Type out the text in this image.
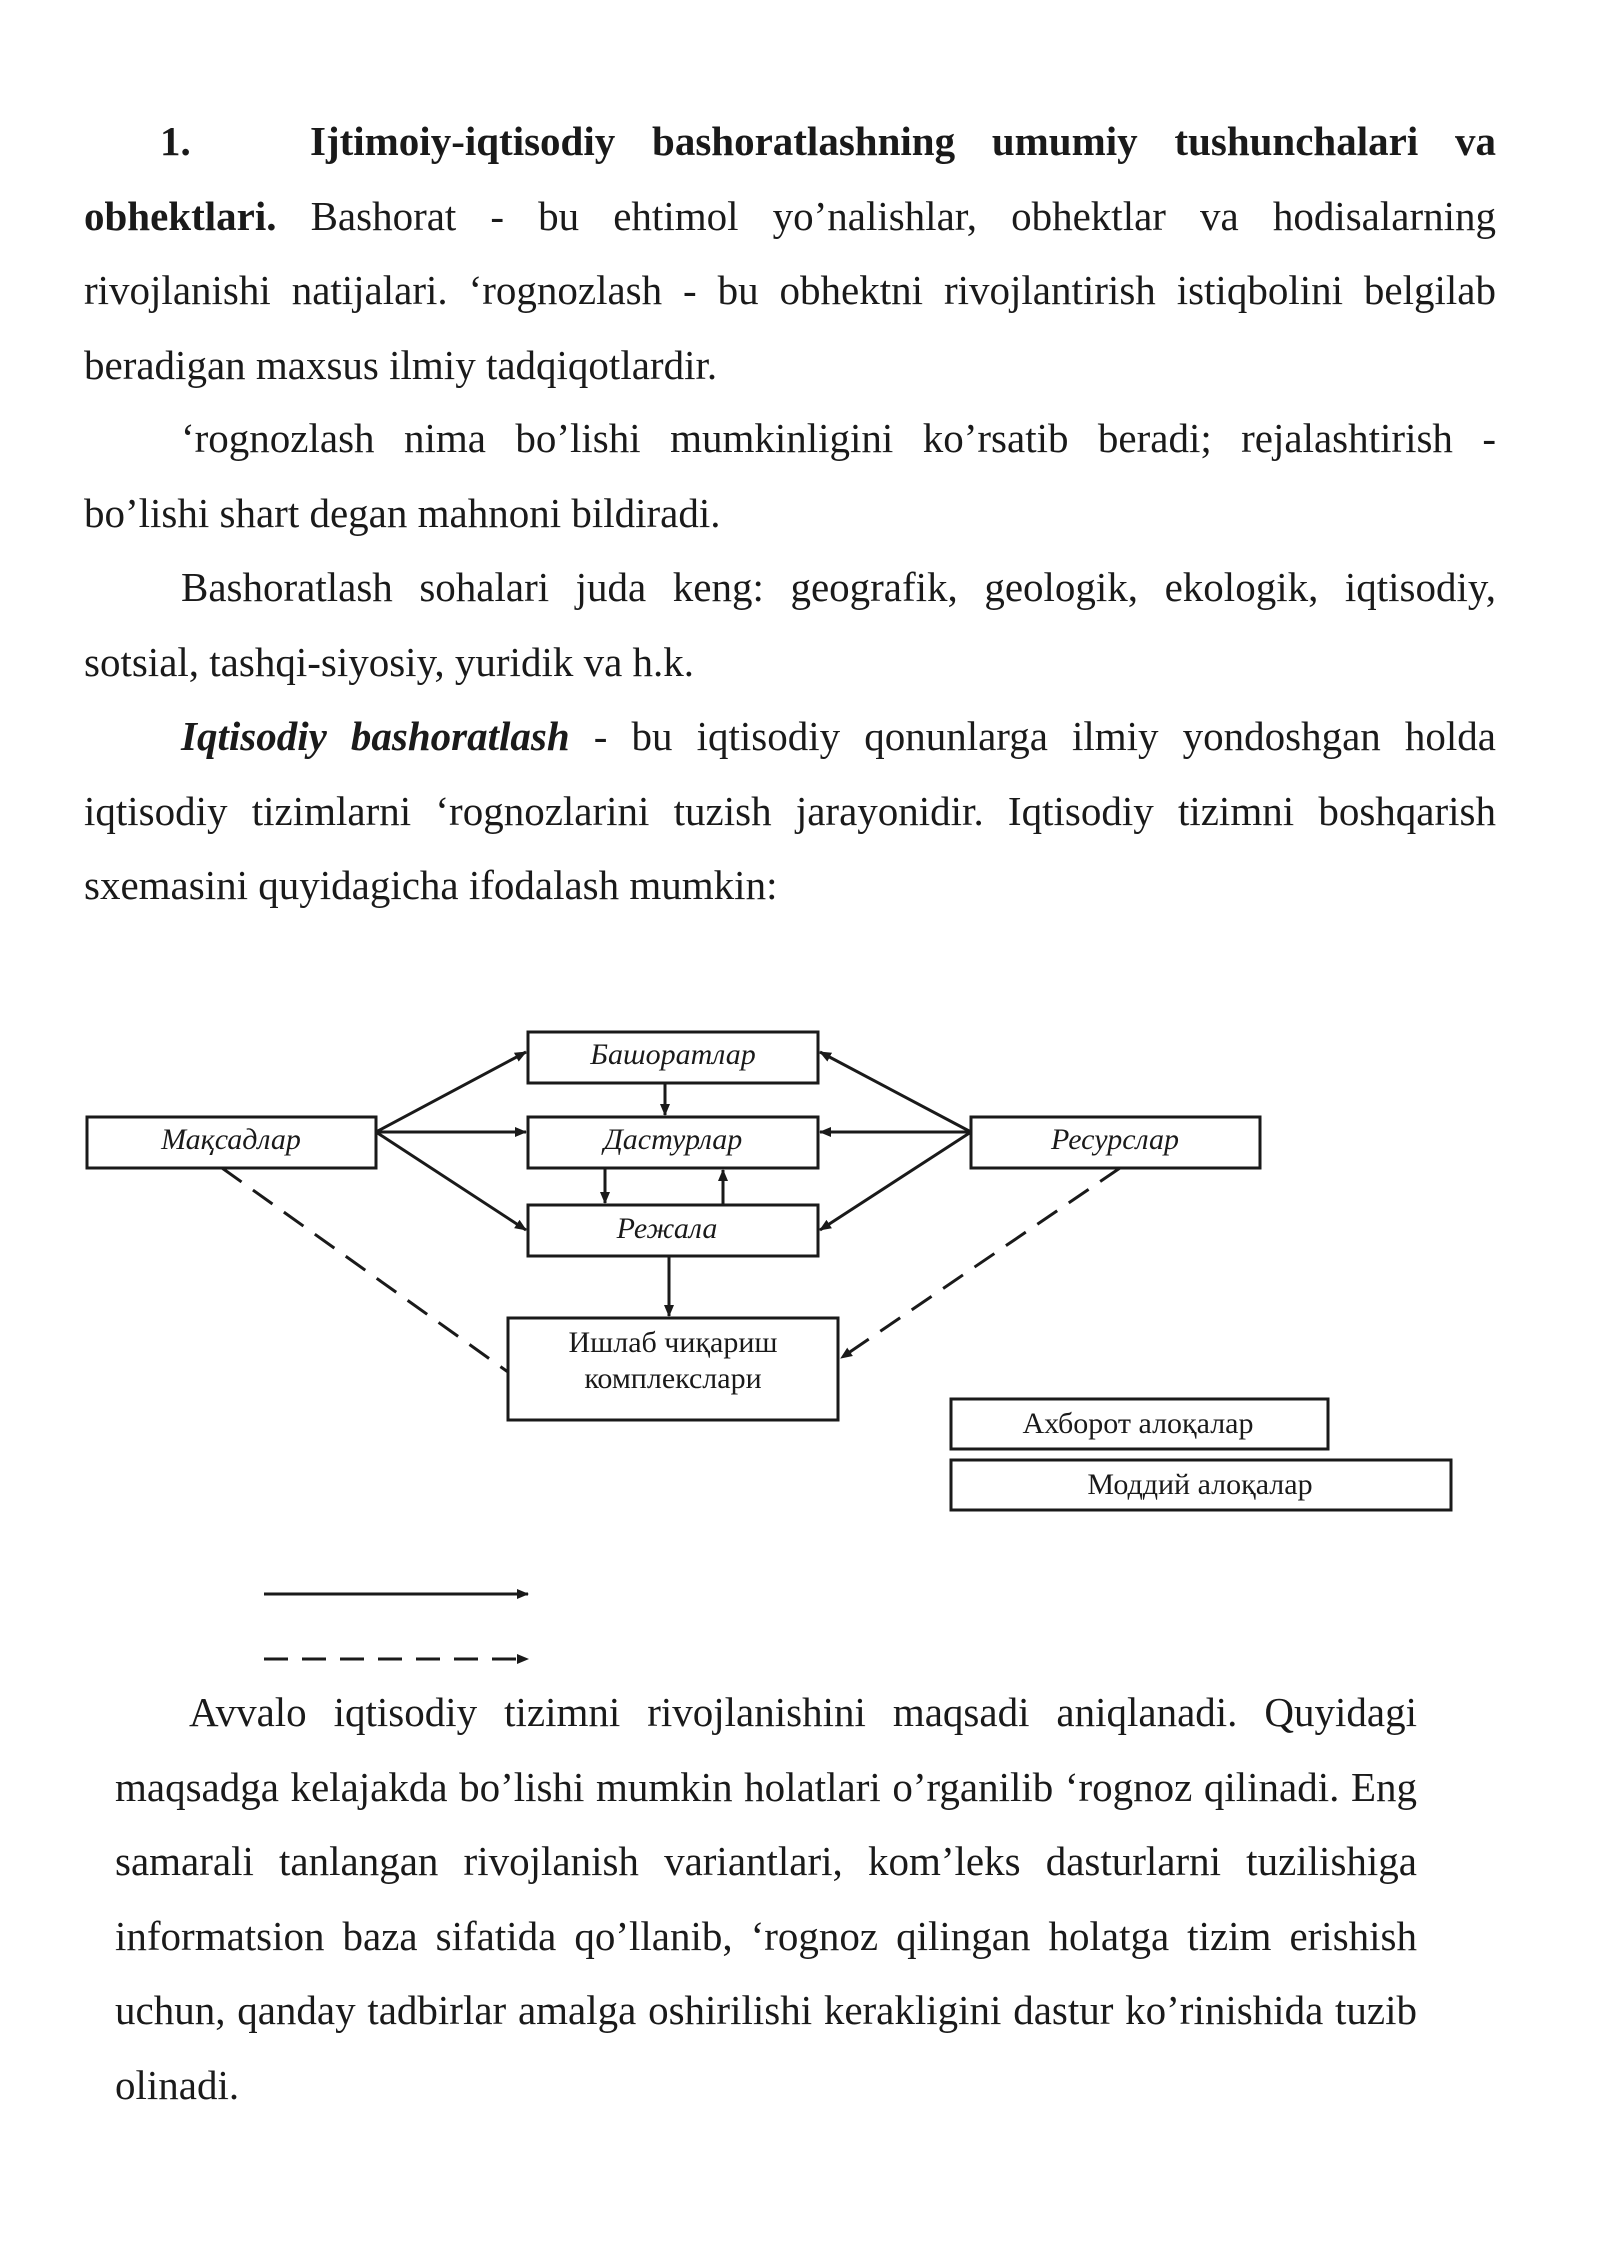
1.	Ijtimoiy-iqtisodiy bashoratlashning umumiy tushunchalari va obhektlari. Bashorat - bu ehtimol yo’nalishlar, obhektlar va hodisalarning rivojlanishi natijalari. ‘rognozlash - bu obhektni rivojlantirish istiqbolini belgilab beradigan maxsus ilmiy tadqiqotlardir.

‘rognozlash nima bo’lishi mumkinligini ko’rsatib beradi; rejalashtirish - bo’lishi shart degan mahnoni bildiradi.

Bashoratlash sohalari juda keng: geografik, geologik, ekologik, iqtisodiy, sotsial, tashqi-siyosiy, yuridik va h.k.

Iqtisodiy bashoratlash - bu iqtisodiy qonunlarga ilmiy yondoshgan holda iqtisodiy tizimlarni ‘rognozlarini tuzish jarayonidir. Iqtisodiy tizimni boshqarish sxemasini quyidagicha ifodalash mumkin:

Башоратлар
Дастурлар
Режала
Мақсадлар	Ресурслар
Ишлаб чиқариш
комплекслари
Ахборот алоқалар
Моддий алоқалар

Avvalo iqtisodiy tizimni rivojlanishini maqsadi aniqlanadi. Quyidagi maqsadga kelajakda bo’lishi mumkin holatlari o’rganilib ‘rognoz qilinadi. Eng samarali tanlangan rivojlanish variantlari, kom’leks dasturlarni tuzilishiga informatsion baza sifatida qo’llanib, ‘rognoz qilingan holatga tizim erishish uchun, qanday tadbirlar amalga oshirilishi kerakligini dastur ko’rinishida tuzib olinadi.
